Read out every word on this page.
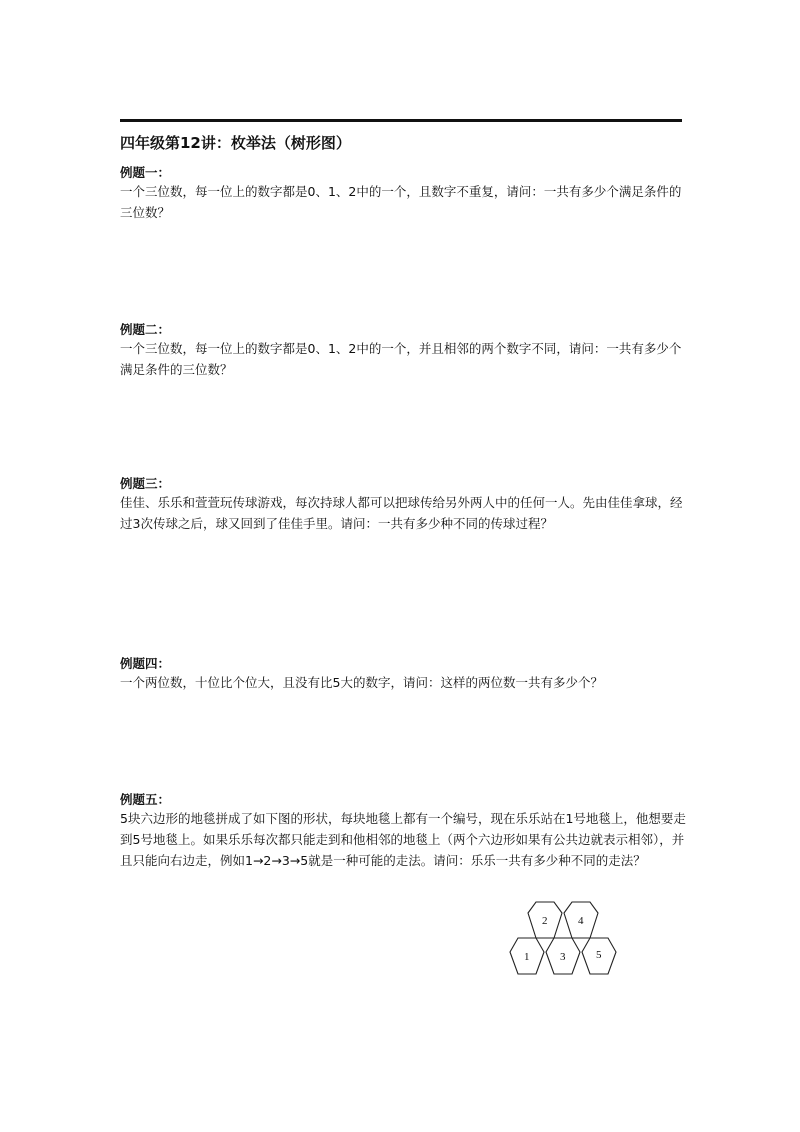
四年级第12讲：枚举法（树形图）
例题一：
一个三位数，每一位上的数字都是0、1、2中的一个，且数字不重复，请问：一共有多少个满足条件的三位数？
例题二：
一个三位数，每一位上的数字都是0、1、2中的一个，并且相邻的两个数字不同，请问：一共有多少个满足条件的三位数？
例题三：
佳佳、乐乐和萱萱玩传球游戏，每次持球人都可以把球传给另外两人中的任何一人。先由佳佳拿球，经过3次传球之后，球又回到了佳佳手里。请问：一共有多少种不同的传球过程？
例题四：
一个两位数，十位比个位大，且没有比5大的数字，请问：这样的两位数一共有多少个？
例题五：
5块六边形的地毯拼成了如下图的形状，每块地毯上都有一个编号，现在乐乐站在1号地毯上，他想要走到5号地毯上。如果乐乐每次都只能走到和他相邻的地毯上（两个六边形如果有公共边就表示相邻），并且只能向右边走，例如1→2→3→5就是一种可能的走法。请问：乐乐一共有多少种不同的走法？
2	4
1	3	5
